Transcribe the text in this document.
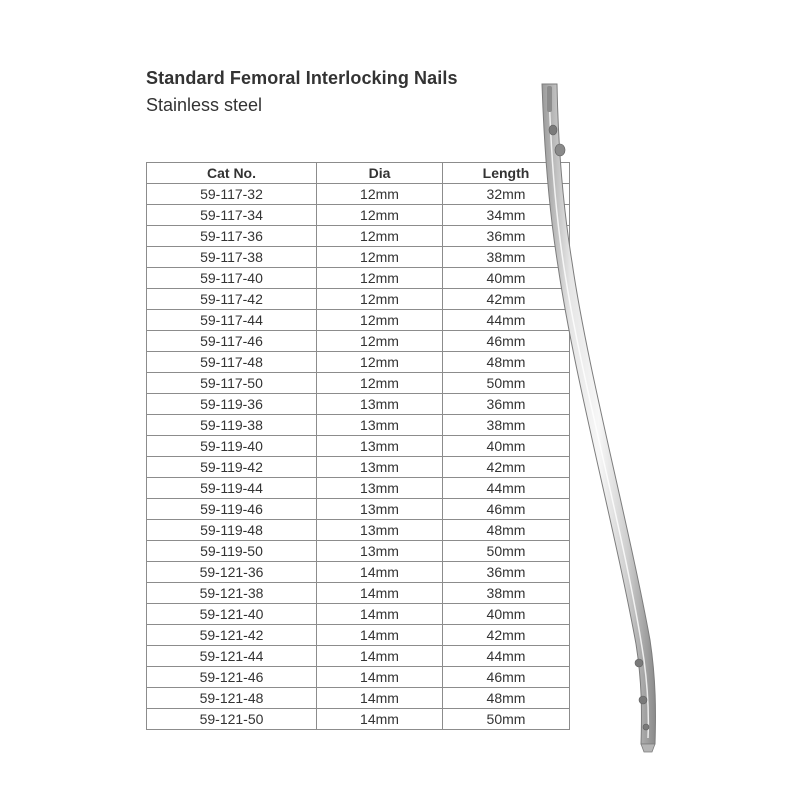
Standard Femoral Interlocking Nails
Stainless steel
Cat No.	Dia	Length
59-117-32	12mm	32mm
59-117-34	12mm	34mm
59-117-36	12mm	36mm
59-117-38	12mm	38mm
59-117-40	12mm	40mm
59-117-42	12mm	42mm
59-117-44	12mm	44mm
59-117-46	12mm	46mm
59-117-48	12mm	48mm
59-117-50	12mm	50mm
59-119-36	13mm	36mm
59-119-38	13mm	38mm
59-119-40	13mm	40mm
59-119-42	13mm	42mm
59-119-44	13mm	44mm
59-119-46	13mm	46mm
59-119-48	13mm	48mm
59-119-50	13mm	50mm
59-121-36	14mm	36mm
59-121-38	14mm	38mm
59-121-40	14mm	40mm
59-121-42	14mm	42mm
59-121-44	14mm	44mm
59-121-46	14mm	46mm
59-121-48	14mm	48mm
59-121-50	14mm	50mm
